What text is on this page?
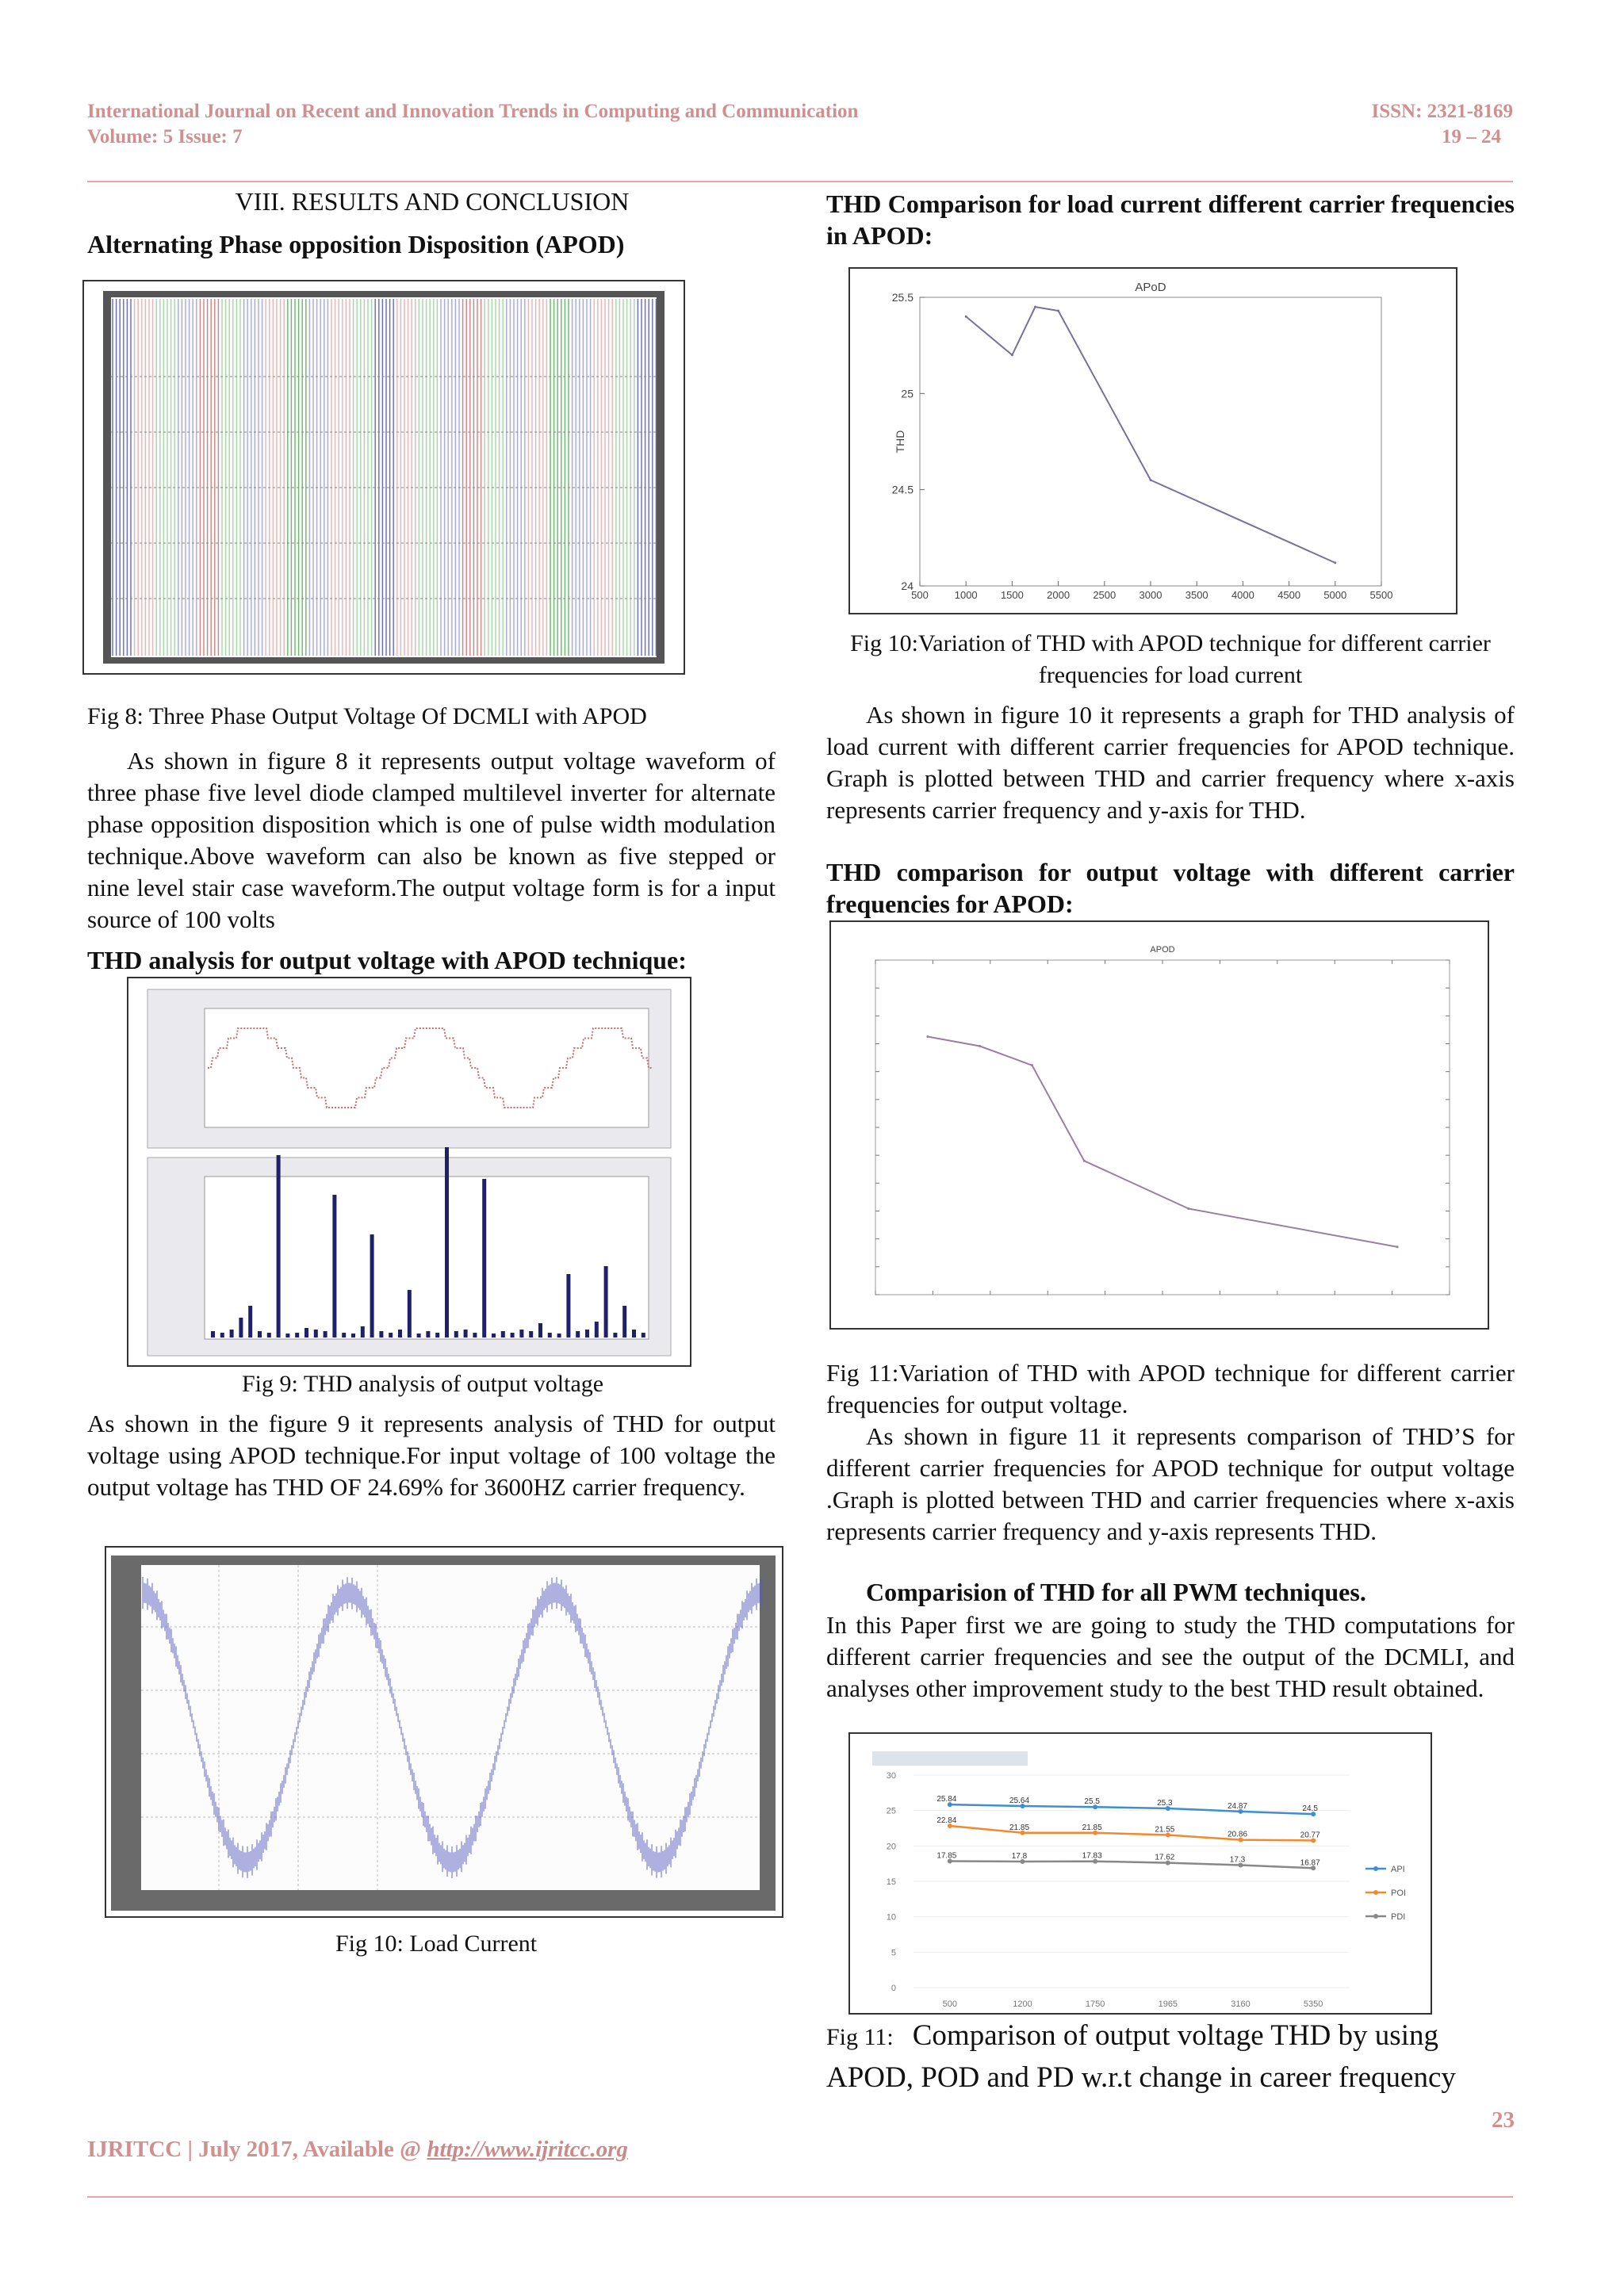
International Journal on Recent and Innovation Trends in Computing and Communication
Volume: 5 Issue: 7
ISSN: 2321-8169
19 – 24
VIII. RESULTS AND CONCLUSION
Alternating Phase opposition Disposition (APOD)
Fig 8: Three Phase Output Voltage Of DCMLI with APOD
As shown in figure 8 it represents output voltage waveform of three phase five level diode clamped multilevel inverter for alternate phase opposition disposition which is one of pulse width modulation technique.Above waveform can also be known as five stepped or nine level stair case waveform.The output voltage form is for a input source of 100 volts
THD analysis for output voltage with APOD technique:
Fig 9: THD analysis of output voltage
As shown in the figure 9 it represents analysis of THD for output voltage using APOD technique.For input voltage of 100 voltage the output voltage has THD OF 24.69% for 3600HZ carrier frequency.
Fig 10: Load Current
THD Comparison for load current different carrier frequencies in APOD:
APoD
THD
500	1000 1500 2000 2500 3000 3500 4000 4500 5000 5500
24
24.5
25
25.5
Fig 10:Variation of THD with APOD technique for different carrier frequencies for load current
As shown in figure 10 it represents a graph for THD analysis of load current with different carrier frequencies for APOD technique. Graph is plotted between THD and carrier frequency where x-axis represents carrier frequency and y-axis for THD.
THD comparison for output voltage with different carrier frequencies for APOD:
APOD
Fig 11:Variation of THD with APOD technique for different carrier frequencies for output voltage.
As shown in figure 11 it represents comparison of THD’S for different carrier frequencies for APOD technique for output voltage .Graph is plotted between THD and carrier frequencies where x-axis represents carrier frequency and y-axis represents THD.
Comparision of THD for all PWM techniques.
In this Paper first we are going to study the THD computations for different carrier frequencies and see the output of the DCMLI, and analyses other improvement study to the best THD result obtained.
0
5
10
15
20
25
30
500	1200	1750	1965	3160	5350
25.84	25.64	25.5	25.3	24.87	24.5
API
22.84
21.85	21.85	21.55
20.86	20.77
POI
17.85	17.8	17.83	17.62	17.3	16.87
PDI
Fig 11: Comparison of output voltage THD by using APOD, POD and PD w.r.t change in career frequency
23
IJRITCC | July 2017, Available @ http://www.ijritcc.org
